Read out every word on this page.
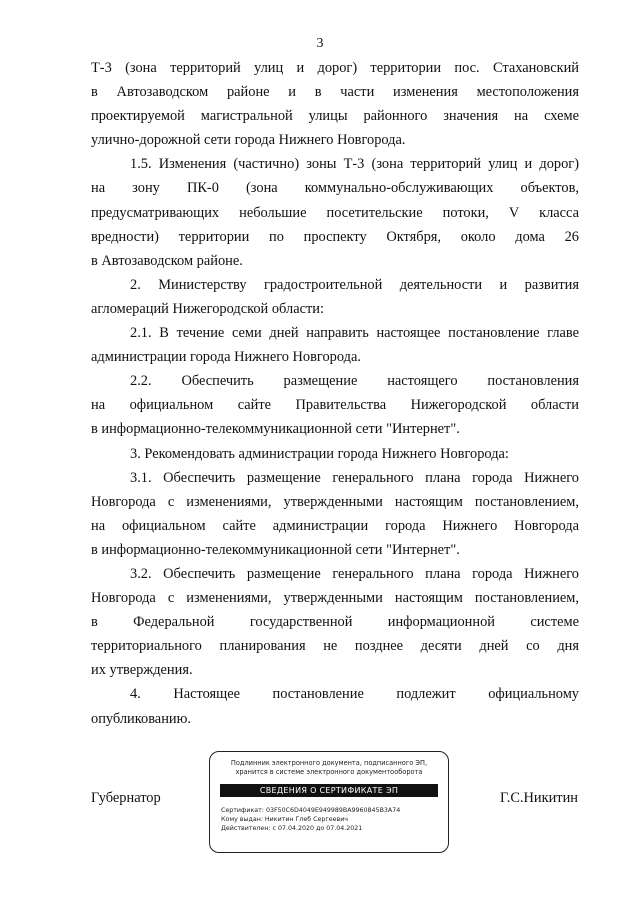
3
Т-3 (зона территорий улиц и дорог) территории пос. Стахановский
в Автозаводском районе и в части изменения местоположения
проектируемой магистральной улицы районного значения на схеме
улично-дорожной сети города Нижнего Новгорода.
1.5. Изменения (частично) зоны Т-3 (зона территорий улиц и дорог)
на зону ПК-0 (зона коммунально-обслуживающих объектов,
предусматривающих небольшие посетительские потоки, V класса
вредности) территории по проспекту Октября, около дома 26
в Автозаводском районе.
2. Министерству градостроительной деятельности и развития
агломераций Нижегородской области:
2.1. В течение семи дней направить настоящее постановление главе
администрации города Нижнего Новгорода.
2.2. Обеспечить размещение настоящего постановления
на официальном сайте Правительства Нижегородской области
в информационно-телекоммуникационной сети "Интернет".
3. Рекомендовать администрации города Нижнего Новгорода:
3.1. Обеспечить размещение генерального плана города Нижнего
Новгорода с изменениями, утвержденными настоящим постановлением,
на официальном сайте администрации города Нижнего Новгорода
в информационно-телекоммуникационной сети "Интернет".
3.2. Обеспечить размещение генерального плана города Нижнего
Новгорода с изменениями, утвержденными настоящим постановлением,
в Федеральной государственной информационной системе
территориального планирования не позднее десяти дней со дня
их утверждения.
4. Настоящее постановление подлежит официальному
опубликованию.
Губернатор	Г.С.Никитин
Подлинник электронного документа, подписанного ЭП,
хранится в системе электронного документооборота
СВЕДЕНИЯ О СЕРТИФИКАТЕ ЭП
Сертификат: 03F50C6D4049E949989BA9960845B3A74
Кому выдан: Никитин Глеб Сергеевич
Действителен: с 07.04.2020 до 07.04.2021
